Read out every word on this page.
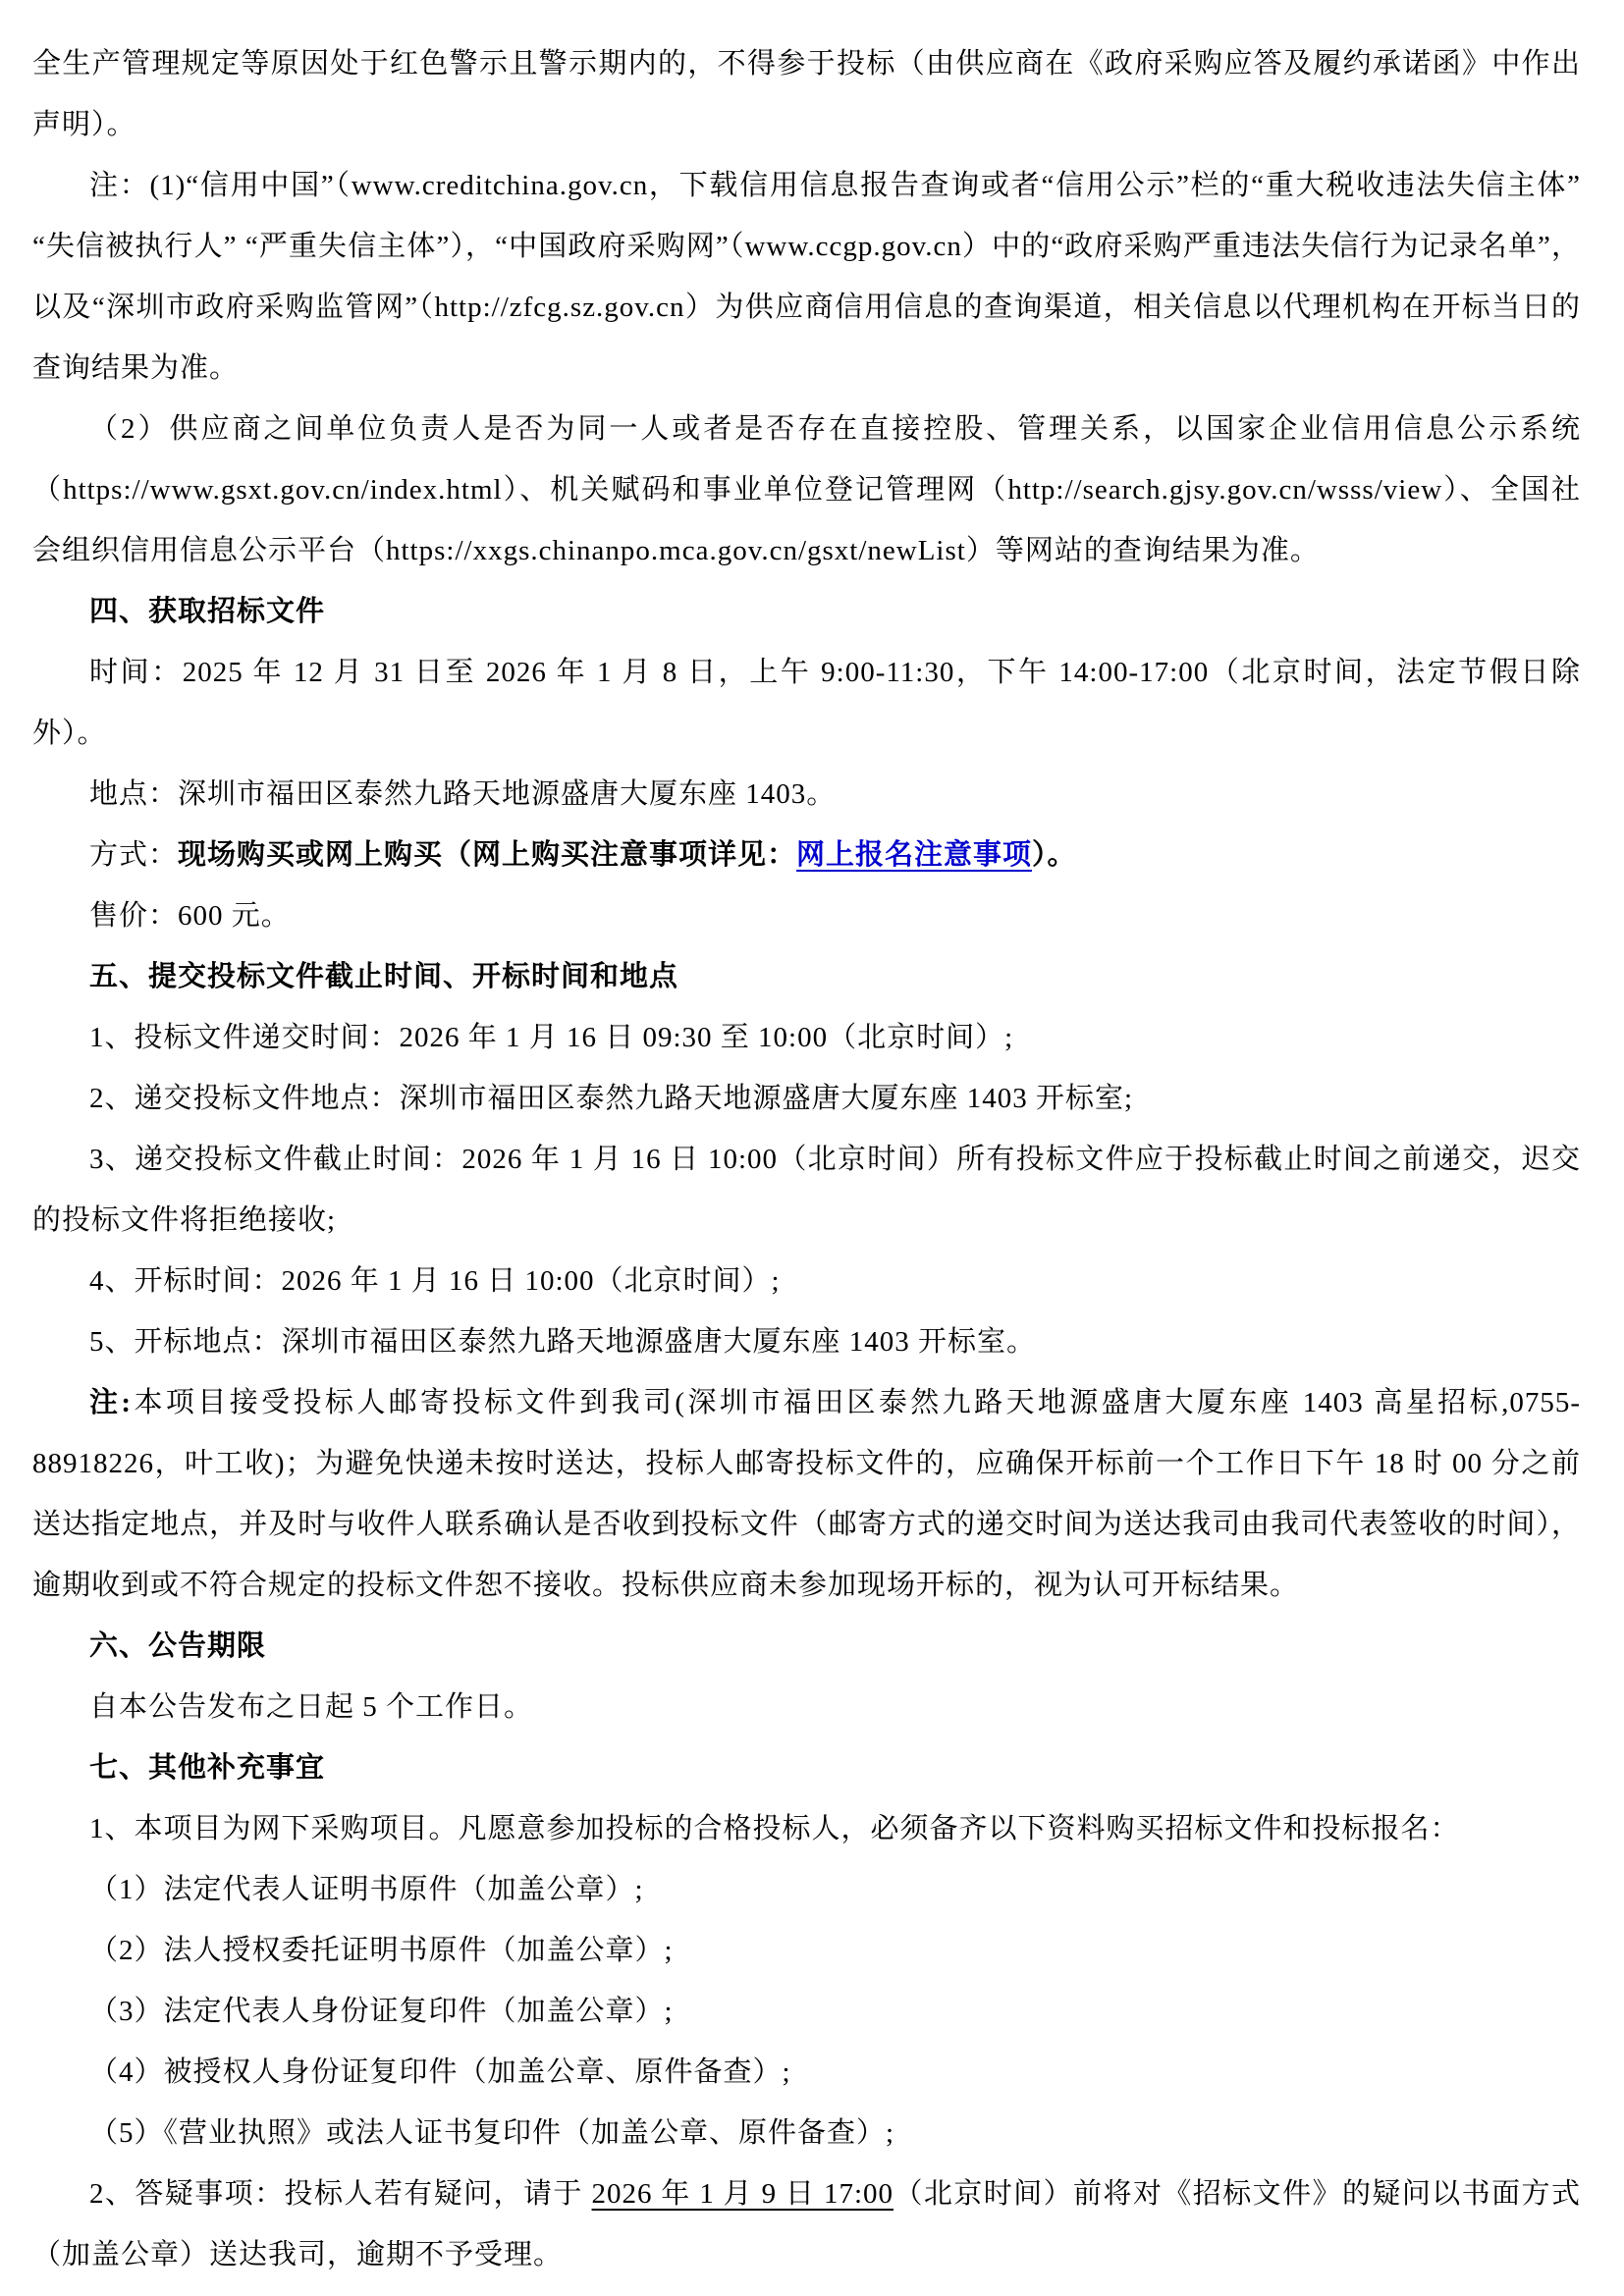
全生产管理规定等原因处于红色警示且警示期内的，不得参于投标（由供应商在《政府采购应答及履约承诺函》中作出声明）。

注：(1)“信用中国”（www.creditchina.gov.cn，下载信用信息报告查询或者“信用公示”栏的“重大税收违法失信主体” “失信被执行人” “严重失信主体”），“中国政府采购网”（www.ccgp.gov.cn）中的“政府采购严重违法失信行为记录名单”，以及“深圳市政府采购监管网”（http://zfcg.sz.gov.cn）为供应商信用信息的查询渠道，相关信息以代理机构在开标当日的查询结果为准。

（2）供应商之间单位负责人是否为同一人或者是否存在直接控股、管理关系，以国家企业信用信息公示系统（https://www.gsxt.gov.cn/index.html）、机关赋码和事业单位登记管理网（http://search.gjsy.gov.cn/wsss/view）、全国社会组织信用信息公示平台（https://xxgs.chinanpo.mca.gov.cn/gsxt/newList）等网站的查询结果为准。

四、获取招标文件

时间：2025 年 12 月 31 日至 2026 年 1 月 8 日，上午 9:00-11:30，下午 14:00-17:00（北京时间，法定节假日除外）。

地点：深圳市福田区泰然九路天地源盛唐大厦东座 1403。

方式：现场购买或网上购买（网上购买注意事项详见：网上报名注意事项）。

售价：600 元。

五、提交投标文件截止时间、开标时间和地点

1、投标文件递交时间：2026 年 1 月 16 日 09:30 至 10:00（北京时间）;

2、递交投标文件地点：深圳市福田区泰然九路天地源盛唐大厦东座 1403 开标室;

3、递交投标文件截止时间：2026 年 1 月 16 日 10:00（北京时间）所有投标文件应于投标截止时间之前递交，迟交的投标文件将拒绝接收;

4、开标时间：2026 年 1 月 16 日 10:00（北京时间）;

5、开标地点：深圳市福田区泰然九路天地源盛唐大厦东座 1403 开标室。

注:本项目接受投标人邮寄投标文件到我司(深圳市福田区泰然九路天地源盛唐大厦东座 1403 高星招标,0755-88918226，叶工收)；为避免快递未按时送达，投标人邮寄投标文件的，应确保开标前一个工作日下午 18 时 00 分之前送达指定地点，并及时与收件人联系确认是否收到投标文件（邮寄方式的递交时间为送达我司由我司代表签收的时间），逾期收到或不符合规定的投标文件恕不接收。投标供应商未参加现场开标的，视为认可开标结果。

六、公告期限

自本公告发布之日起 5 个工作日。

七、其他补充事宜

1、本项目为网下采购项目。凡愿意参加投标的合格投标人，必须备齐以下资料购买招标文件和投标报名：

（1）法定代表人证明书原件（加盖公章）;

（2）法人授权委托证明书原件（加盖公章）;

（3）法定代表人身份证复印件（加盖公章）;

（4）被授权人身份证复印件（加盖公章、原件备查）;

（5）《营业执照》或法人证书复印件（加盖公章、原件备查）;

2、答疑事项：投标人若有疑问，请于 2026 年 1 月 9 日 17:00（北京时间）前将对《招标文件》的疑问以书面方式（加盖公章）送达我司，逾期不予受理。
